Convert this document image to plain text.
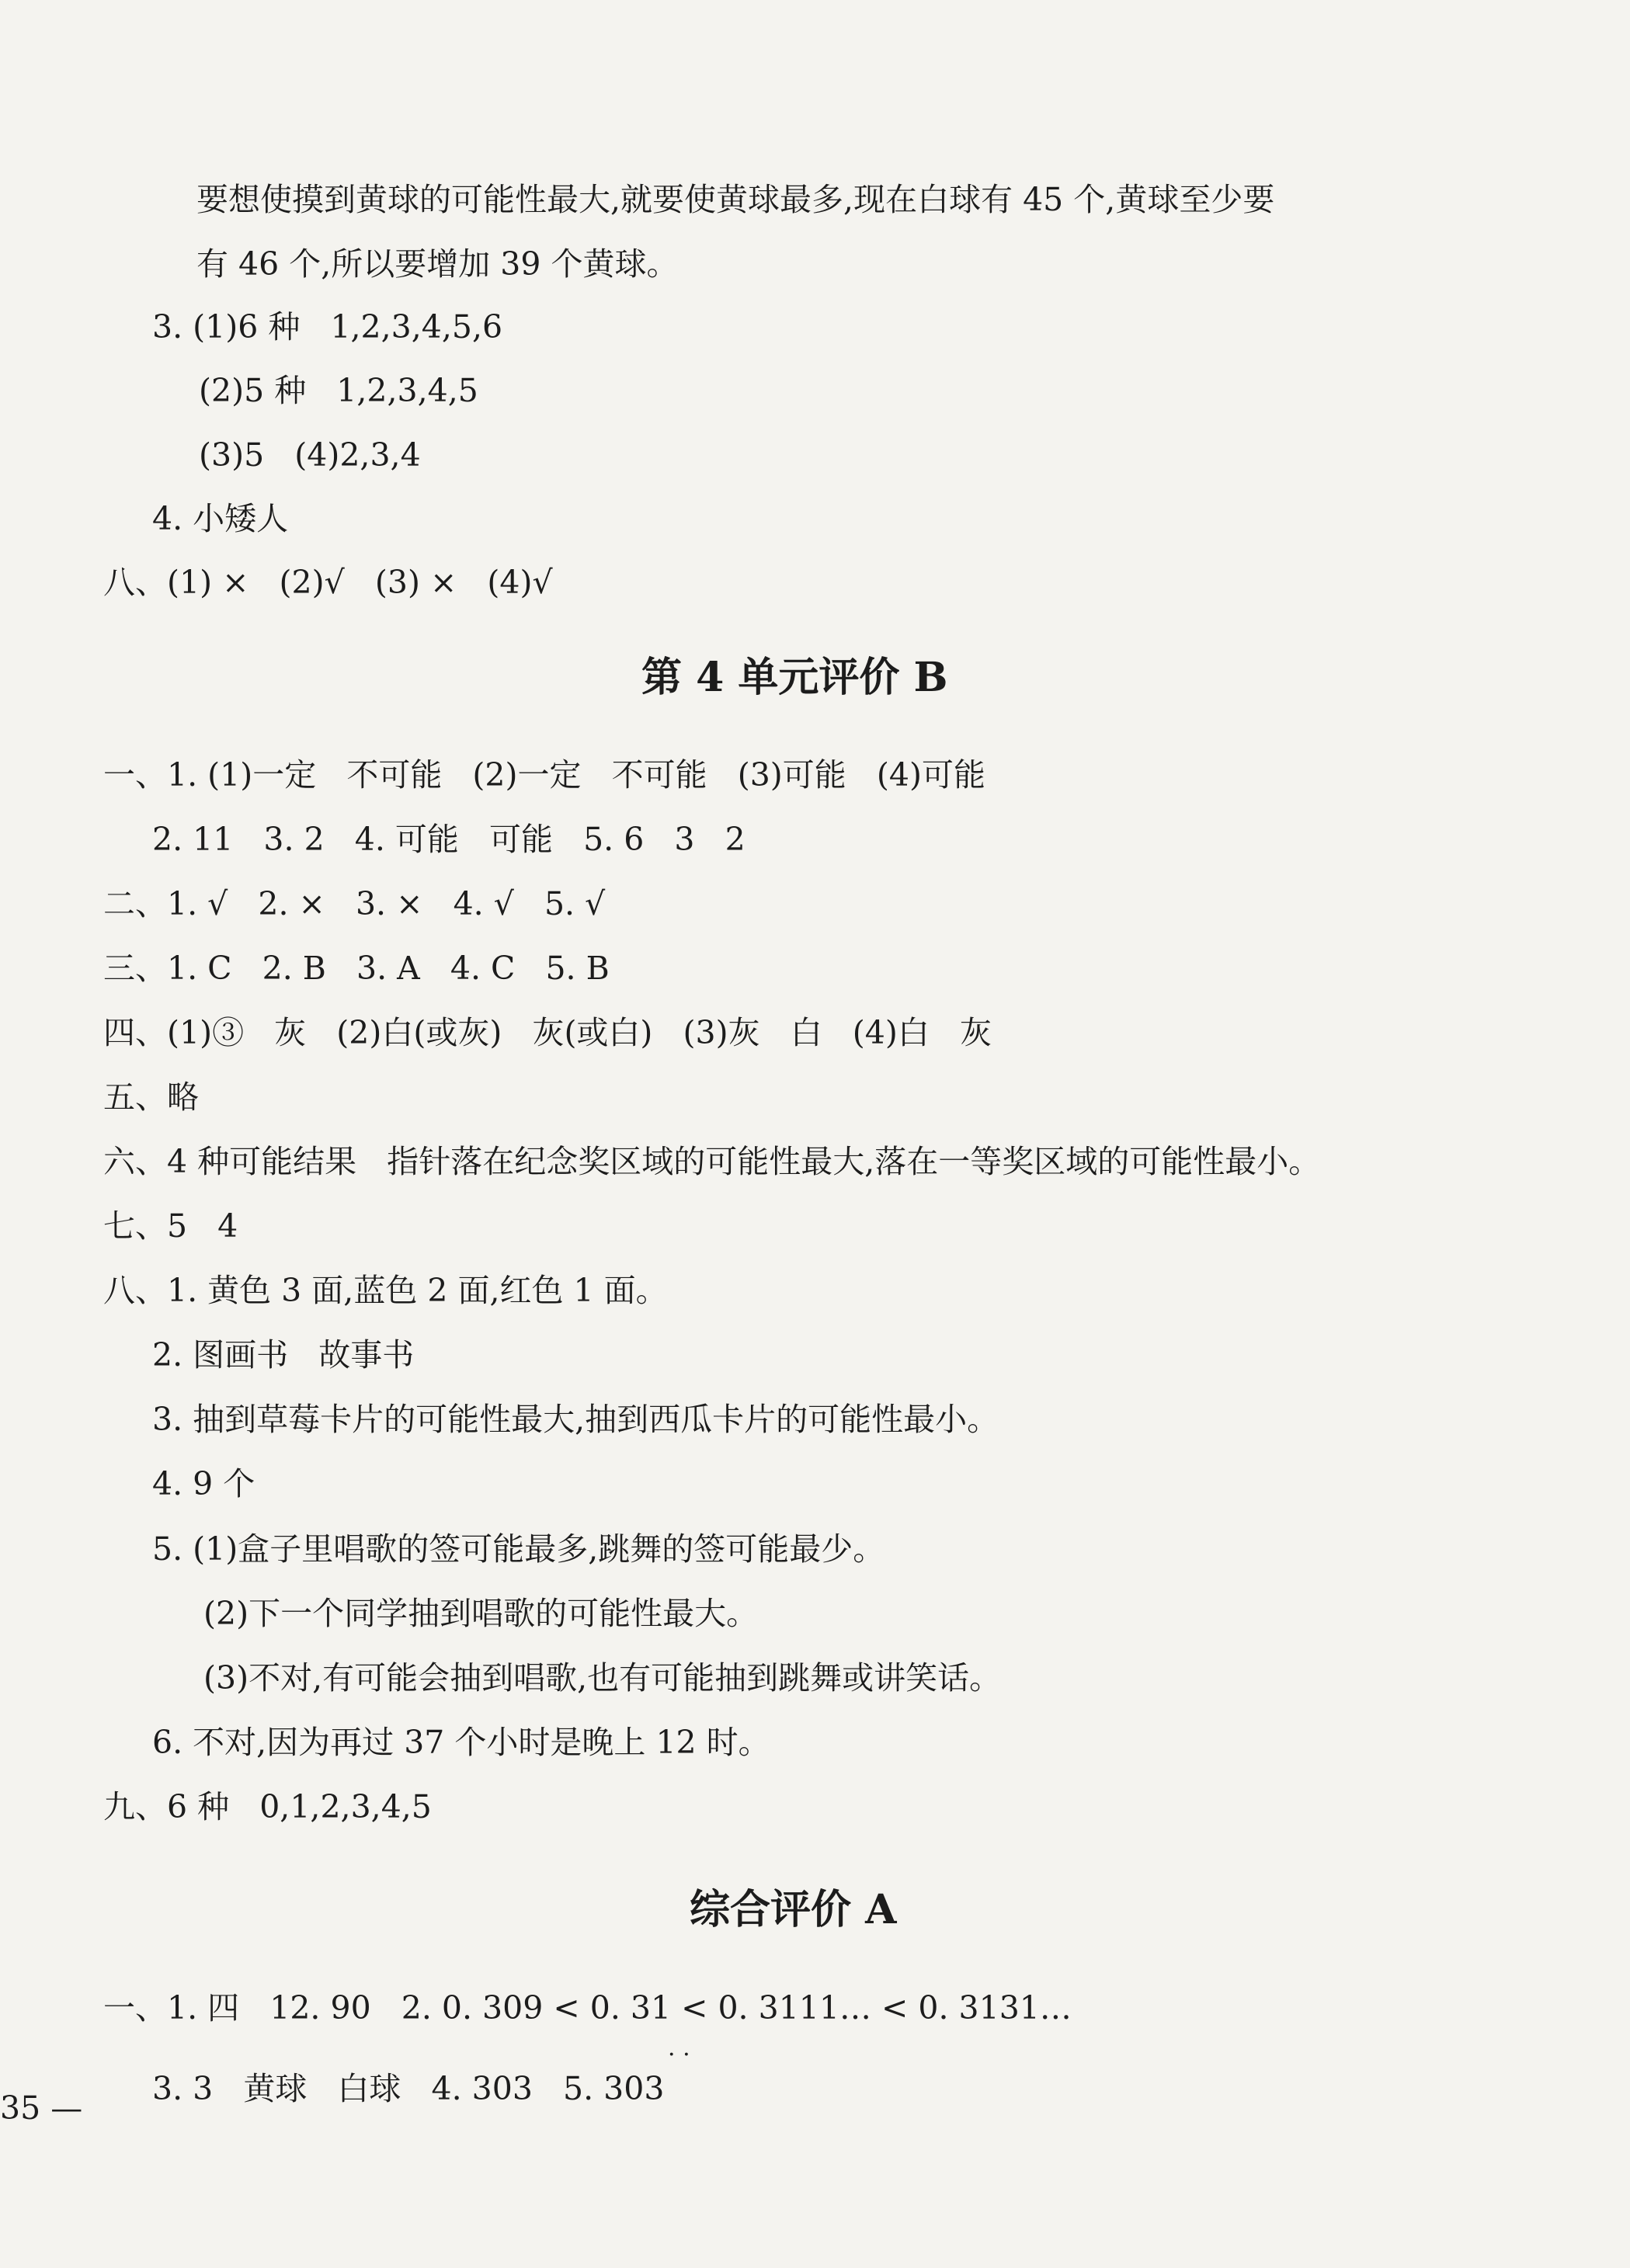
要想使摸到黄球的可能性最大,就要使黄球最多,现在白球有 45 个,黄球至少要
有 46 个,所以要增加 39 个黄球。
3. (1)6 种   1,2,3,4,5,6
(2)5 种   1,2,3,4,5
(3)5   (4)2,3,4
4. 小矮人
八、(1) ×   (2)√   (3) ×   (4)√
第 4 单元评价 B
一、1. (1)一定   不可能   (2)一定   不可能   (3)可能   (4)可能
2. 11   3. 2   4. 可能   可能   5. 6   3   2
二、1. √   2. ×   3. ×   4. √   5. √
三、1. C   2. B   3. A   4. C   5. B
四、(1)③   灰   (2)白(或灰)   灰(或白)   (3)灰   白   (4)白   灰
五、略
六、4 种可能结果   指针落在纪念奖区域的可能性最大,落在一等奖区域的可能性最小。
七、5   4
八、1. 黄色 3 面,蓝色 2 面,红色 1 面。
2. 图画书   故事书
3. 抽到草莓卡片的可能性最大,抽到西瓜卡片的可能性最小。
4. 9 个
5. (1)盒子里唱歌的签可能最多,跳舞的签可能最少。
(2)下一个同学抽到唱歌的可能性最大。
(3)不对,有可能会抽到唱歌,也有可能抽到跳舞或讲笑话。
6. 不对,因为再过 37 个小时是晚上 12 时。
九、6 种   0,1,2,3,4,5
综合评价 A
一、1. 四   12. 90   2. 0. 309 < 0. 31 < 0. 3111… < 0. 3131…
· ·
3. 3   黄球   白球   4. 303   5. 303
35 —
